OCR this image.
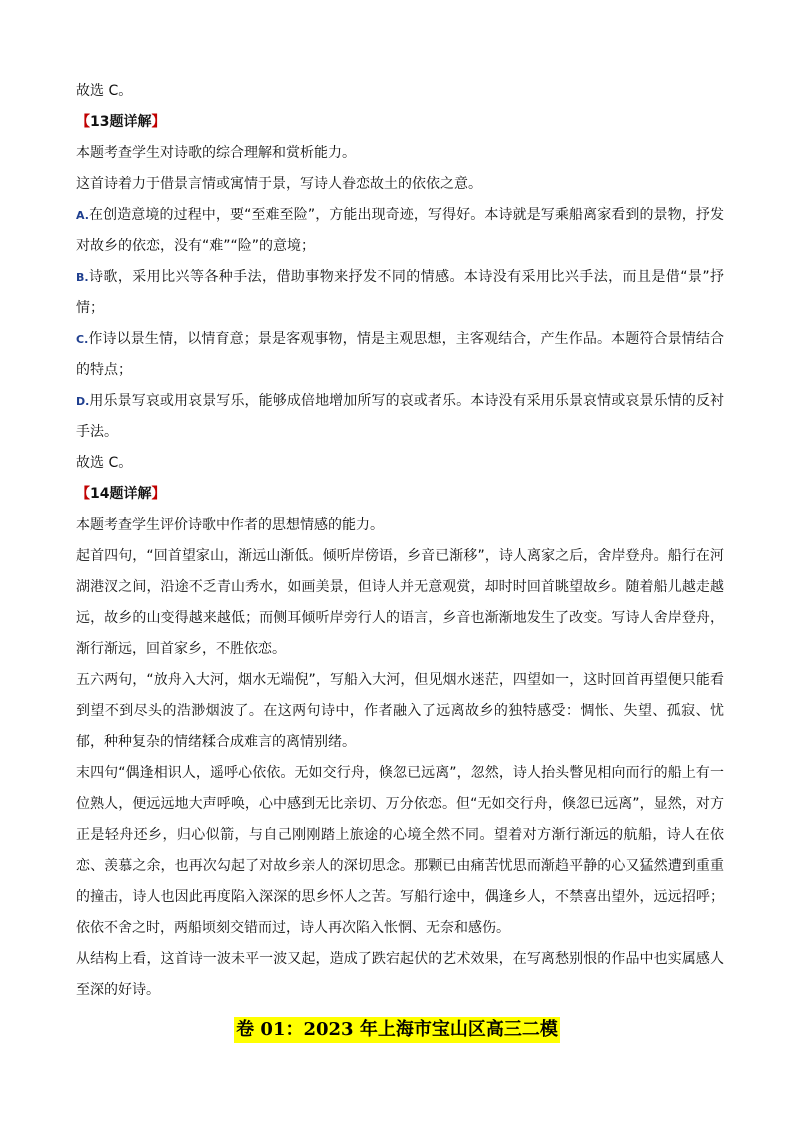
故选 C。

【13题详解】

本题考查学生对诗歌的综合理解和赏析能力。

这首诗着力于借景言情或寓情于景，写诗人眷恋故土的依依之意。

A.在创造意境的过程中，要“至难至险”，方能出现奇迹，写得好。本诗就是写乘船离家看到的景物，抒发对故乡的依恋，没有“难”“险”的意境；

B.诗歌，采用比兴等各种手法，借助事物来抒发不同的情感。本诗没有采用比兴手法，而且是借“景”抒情；

C.作诗以景生情，以情育意；景是客观事物，情是主观思想，主客观结合，产生作品。本题符合景情结合的特点；

D.用乐景写哀或用哀景写乐，能够成倍地增加所写的哀或者乐。本诗没有采用乐景哀情或哀景乐情的反衬手法。

故选 C。

【14题详解】

本题考查学生评价诗歌中作者的思想情感的能力。

起首四句，“回首望家山，渐远山渐低。倾听岸傍语，乡音已渐移”，诗人离家之后，舍岸登舟。船行在河湖港汊之间，沿途不乏青山秀水，如画美景，但诗人并无意观赏，却时时回首眺望故乡。随着船儿越走越远，故乡的山变得越来越低；而侧耳倾听岸旁行人的语言，乡音也渐渐地发生了改变。写诗人舍岸登舟，渐行渐远，回首家乡，不胜依恋。

五六两句，“放舟入大河，烟水无端倪”，写船入大河，但见烟水迷茫，四望如一，这时回首再望便只能看到望不到尽头的浩渺烟波了。在这两句诗中，作者融入了远离故乡的独特感受：惆怅、失望、孤寂、忧郁，种种复杂的情绪糅合成难言的离情别绪。

末四句“偶逢相识人，遥呼心依依。无如交行舟，倏忽已远离”，忽然，诗人抬头瞥见相向而行的船上有一位熟人，便远远地大声呼唤，心中感到无比亲切、万分依恋。但“无如交行舟，倏忽已远离”，显然，对方正是轻舟还乡，归心似箭，与自己刚刚踏上旅途的心境全然不同。望着对方渐行渐远的航船，诗人在依恋、羡慕之余，也再次勾起了对故乡亲人的深切思念。那颗已由痛苦忧思而渐趋平静的心又猛然遭到重重的撞击，诗人也因此再度陷入深深的思乡怀人之苦。写船行途中，偶逢乡人，不禁喜出望外，远远招呼；依依不舍之时，两船顷刻交错而过，诗人再次陷入怅惘、无奈和感伤。

从结构上看，这首诗一波未平一波又起，造成了跌宕起伏的艺术效果，在写离愁别恨的作品中也实属感人至深的好诗。

卷 01：2023 年上海市宝山区高三二模
